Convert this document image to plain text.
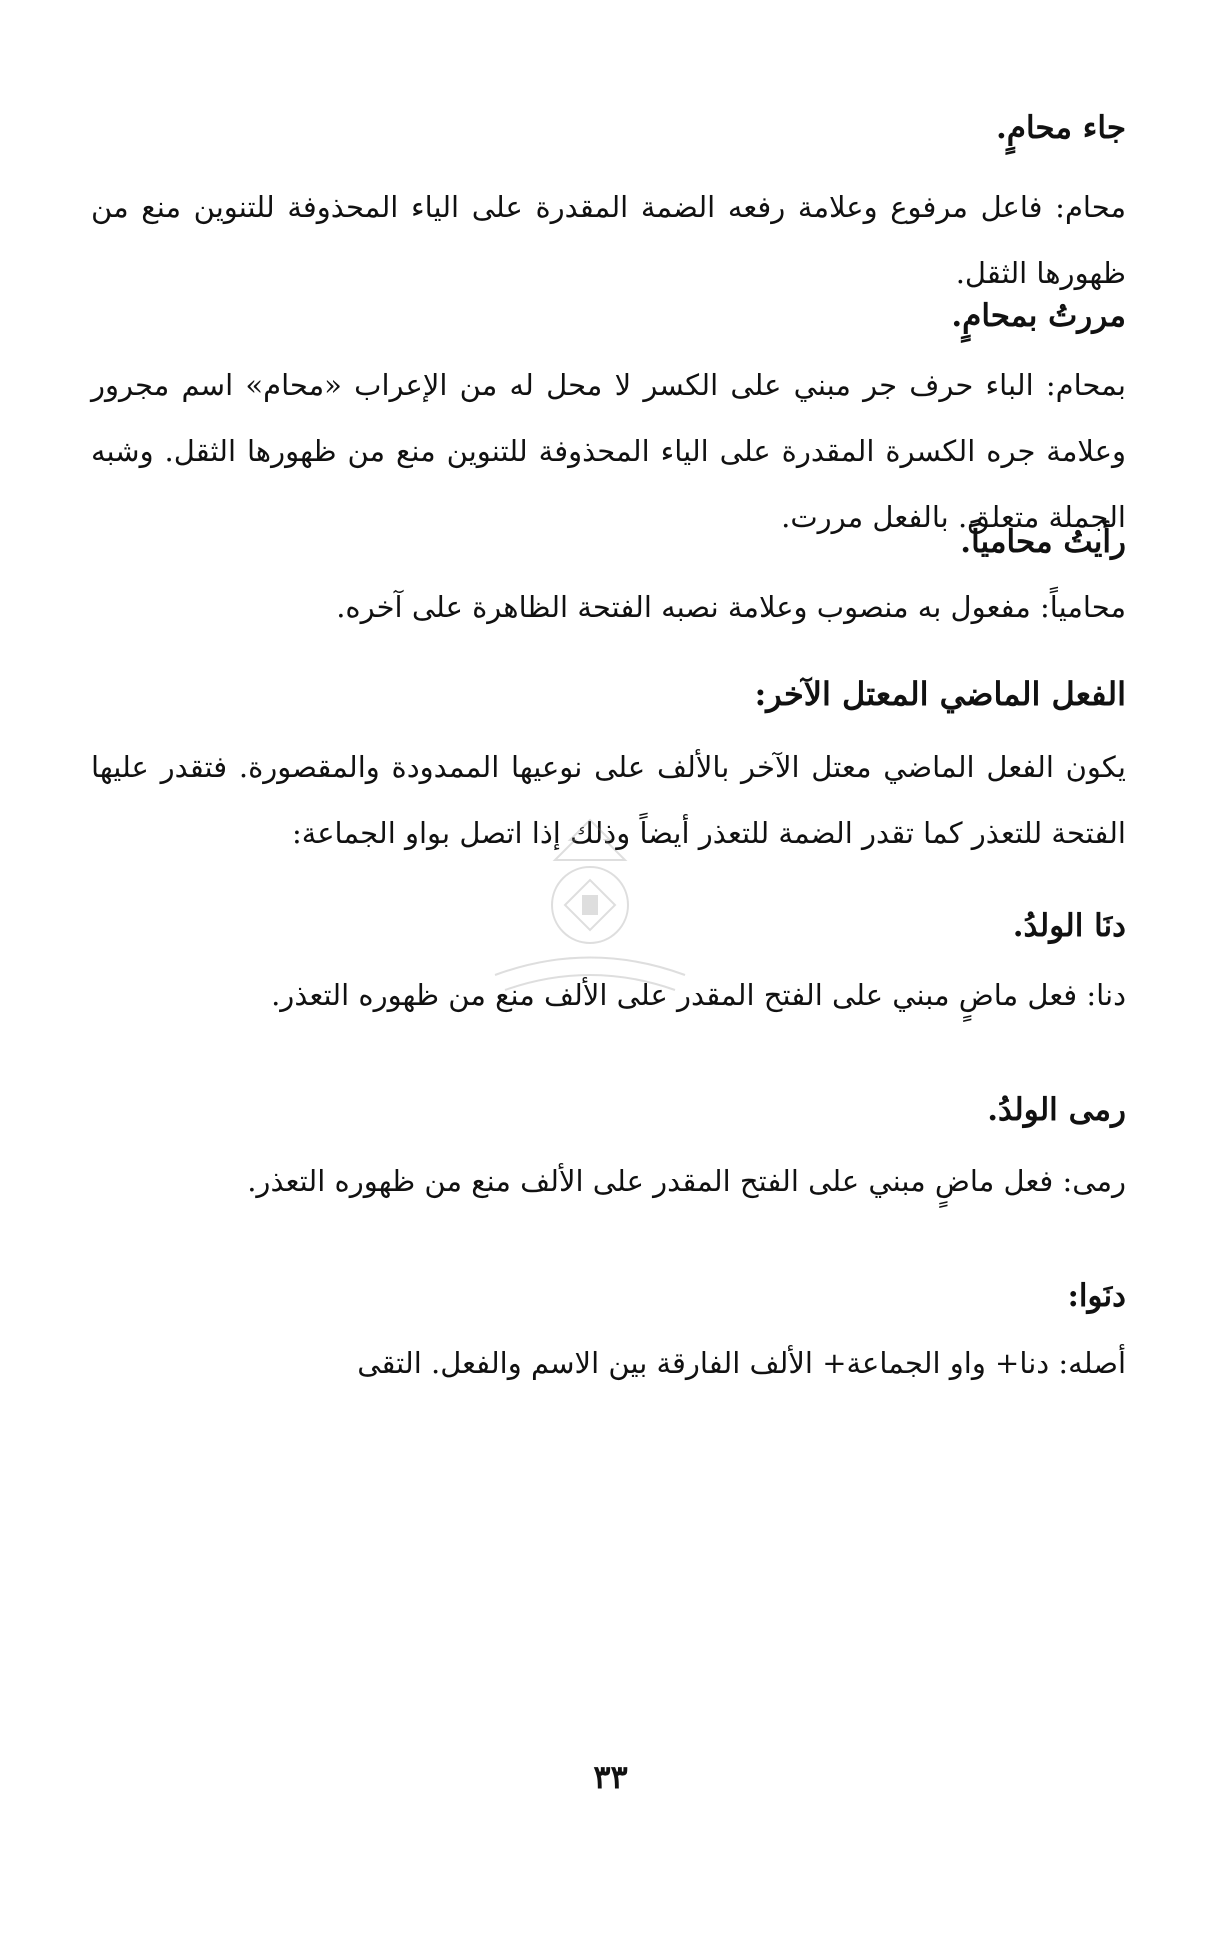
جاء محامٍ.
محام: فاعل مرفوع وعلامة رفعه الضمة المقدرة على الياء المحذوفة للتنوين منع من ظهورها الثقل.
مررتُ بمحامٍ.
بمحام: الباء حرف جر مبني على الكسر لا محل له من الإعراب «محام» اسم مجرور وعلامة جره الكسرة المقدرة على الياء المحذوفة للتنوين منع من ظهورها الثقل. وشبه الجملة متعلق. بالفعل مررت.
رأيتُ محامياً.
محامياً: مفعول به منصوب وعلامة نصبه الفتحة الظاهرة على آخره.
الفعل الماضي المعتل الآخر:
يكون الفعل الماضي معتل الآخر بالألف على نوعيها الممدودة والمقصورة. فتقدر عليها الفتحة للتعذر كما تقدر الضمة للتعذر أيضاً وذلك إذا اتصل بواو الجماعة:
دنَا الولدُ.
دنا: فعل ماضٍ مبني على الفتح المقدر على الألف منع من ظهوره التعذر.
رمى الولدُ.
رمى: فعل ماضٍ مبني على الفتح المقدر على الألف منع من ظهوره التعذر.
دنَوا:
أصله: دنا+ واو الجماعة+ الألف الفارقة بين الاسم والفعل. التقى
٣٣
